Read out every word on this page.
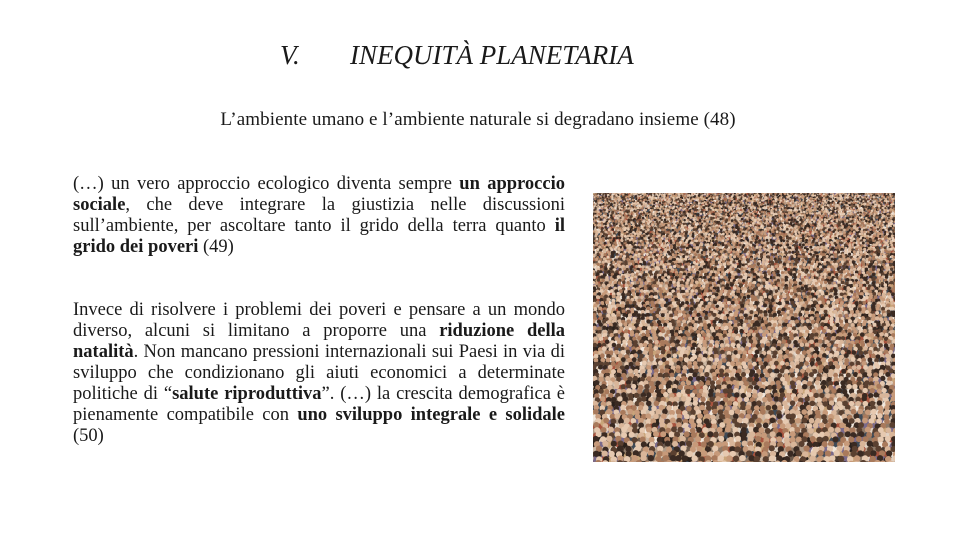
V. INEQUITÀ PLANETARIA
L’ambiente umano e l’ambiente naturale si degradano insieme (48)
(…) un vero approccio ecologico diventa sempre un approccio sociale, che deve integrare la giustizia nelle discussioni sull’ambiente, per ascoltare tanto il grido della terra quanto il grido dei poveri (49)
Invece di risolvere i problemi dei poveri e pensare a un mondo diverso, alcuni si limitano a proporre una riduzione della natalità. Non mancano pressioni internazionali sui Paesi in via di sviluppo che condizionano gli aiuti economici a determinate politiche di “salute riproduttiva”. (…) la crescita demografica è pienamente compatibile con uno sviluppo integrale e solidale (50)
